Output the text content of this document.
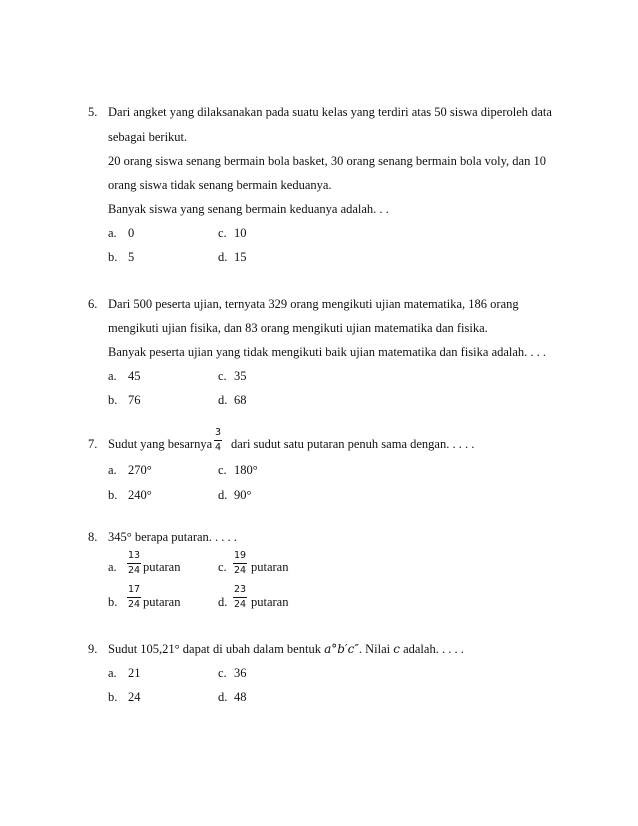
5. Dari angket yang dilaksanakan pada suatu kelas yang terdiri atas 50 siswa diperoleh data
sebagai berikut.
20 orang siswa senang bermain bola basket, 30 orang senang bermain bola voly, dan 10
orang siswa tidak senang bermain keduanya.
Banyak siswa yang senang bermain keduanya adalah. . .
a. 0	c. 10
b. 5	d. 15
6. Dari 500 peserta ujian, ternyata 329 orang mengikuti ujian matematika, 186 orang
mengikuti ujian fisika, dan 83 orang mengikuti ujian matematika dan fisika.
Banyak peserta ujian yang tidak mengikuti baik ujian matematika dan fisika adalah. . . .
a. 45	c. 35
b. 76	d. 68
7. Sudut yang besarnya $\frac{3}{4}$ dari sudut satu putaran penuh sama dengan. . . . .
a. 270°	c. 180°
b. 240°	d. 90°
8. 345° berapa putaran. . . . .
a. $\frac{13}{24}$ putaran	c. $\frac{19}{24}$ putaran
b. $\frac{17}{24}$ putaran	d. $\frac{23}{24}$ putaran
9. Sudut 105,21° dapat di ubah dalam bentuk a°b′c″. Nilai c adalah. . . . .
a. 21	c. 36
b. 24	d. 48
